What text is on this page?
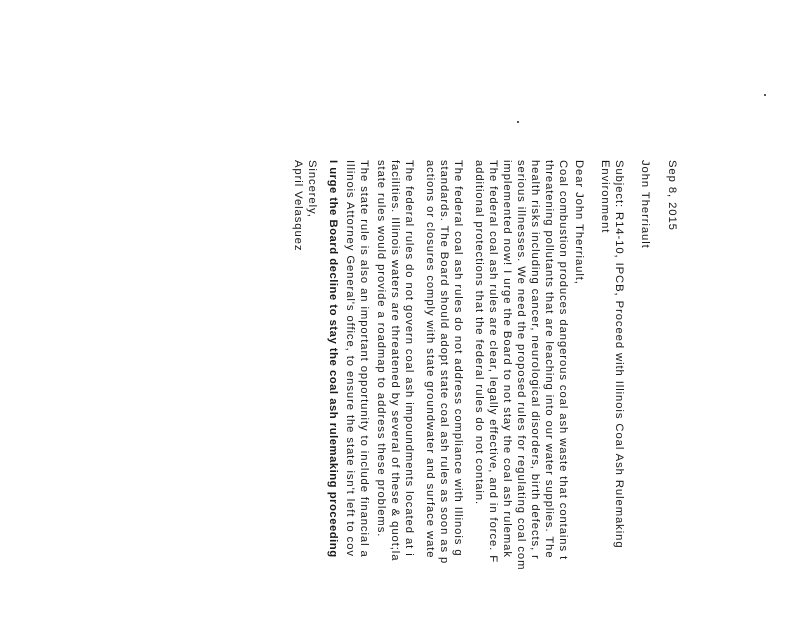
Sep 8, 2015
John Therriault
Subject: R14-10, IPCB, Proceed with Illinois Coal Ash Rulemaking
Environment
Dear John Therriault,
Coal combustion produces dangerous coal ash waste that contains t
threatening pollutants that are leaching into our water supplies. The
health risks including cancer, neurological disorders, birth defects, r
serious illnesses. We need the proposed rules for regulating coal com
implemented now! I urge the Board to not stay the coal ash rulemak
The federal coal ash rules are clear, legally effective, and in force. F
additional protections that the federal rules do not contain.
The federal coal ash rules do not address compliance with Illinois g
standards. The Board should adopt state coal ash rules as soon as p
actions or closures comply with state groundwater and surface wate
The federal rules do not govern coal ash impoundments located at i
facilities. Illinois waters are threatened by several of these & quot;la
state rules would provide a roadmap to address these problems.
The state rule is also an important opportunity to include financial a
Illinois Attorney General's office, to ensure the state isn't left to cov
I urge the Board decline to stay the coal ash rulemaking proceeding
Sincerely,
April Velasquez
